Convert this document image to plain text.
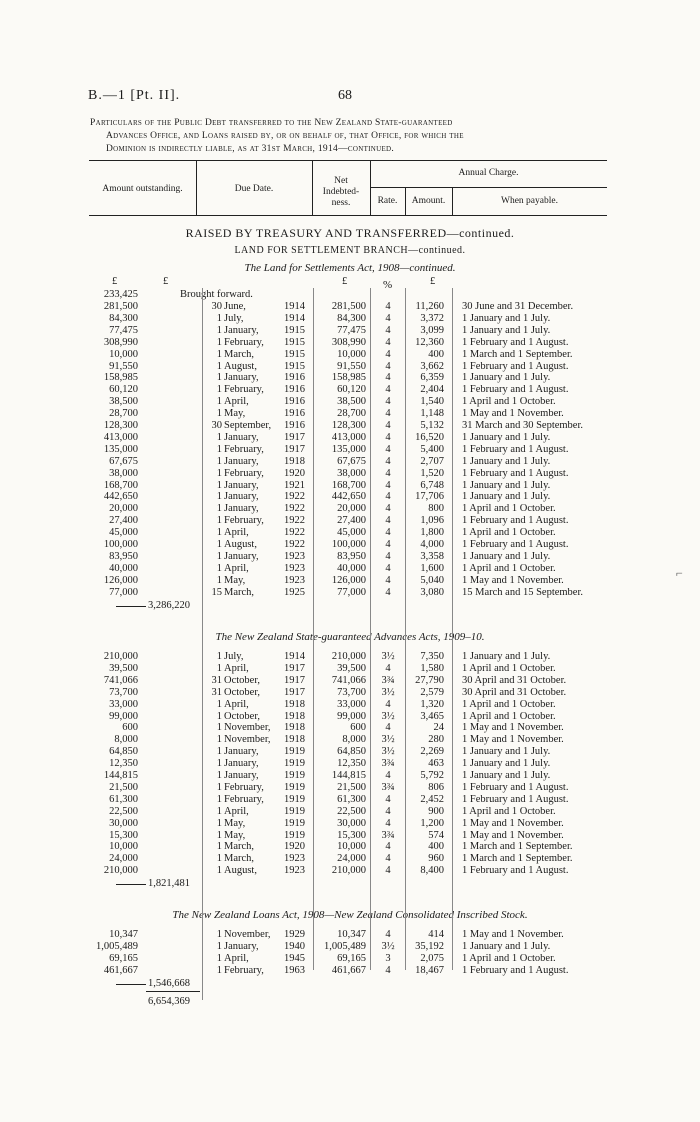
B.—1 [Pt. II].	68
Particulars of the Public Debt transferred to the New Zealand State-guaranteed
Advances Office, and Loans raised by, or on behalf of, that Office, for which the
Dominion is indirectly liable, as at 31st March, 1914—continued.
Amount outstanding.	Due Date.
Net Indebted- ness.
Annual Charge.
Rate.	Amount.	When payable.
RAISED BY TREASURY AND TRANSFERRED—continued.
LAND FOR SETTLEMENT BRANCH—continued.
The Land for Settlements Act, 1908—continued.
£	£	£	%	£
233,425	Brought forward.
281,500	30 June,	1914	281,500	4	11,260 30 June and 31 December.
84,300	1 July,	1914	84,300	4	3,372 1 January and 1 July.
77,475	1 January, 1915	77,475	4	3,099 1 January and 1 July.
308,990	1 February, 1915	308,990	4	12,360 1 February and 1 August.
10,000	1 March,	1915	10,000	4	400 1 March and 1 September.
91,550	1 August,	1915	91,550	4	3,662 1 February and 1 August.
158,985	1 January, 1916	158,985	4	6,359 1 January and 1 July.
60,120	1 February, 1916	60,120	4	2,404 1 February and 1 August.
38,500	1 April,	1916	38,500	4	1,540 1 April and 1 October.
28,700	1 May,	1916	28,700	4	1,148 1 May and 1 November.
128,300	30 September, 1916	128,300	4	5,132 31 March and 30 September.
413,000	1 January, 1917	413,000	4	16,520 1 January and 1 July.
135,000	1 February, 1917	135,000	4	5,400 1 February and 1 August.
67,675	1 January, 1918	67,675	4	2,707 1 January and 1 July.
38,000	1 February, 1920	38,000	4	1,520 1 February and 1 August.
168,700	1 January, 1921	168,700	4	6,748 1 January and 1 July.
442,650	1 January, 1922	442,650	4	17,706 1 January and 1 July.
20,000	1 January, 1922	20,000	4	800 1 April and 1 October.
27,400	1 February, 1922	27,400	4	1,096 1 February and 1 August.
45,000	1 April,	1922	45,000	4	1,800 1 April and 1 October.
100,000	1 August,	1922	100,000	4	4,000 1 February and 1 August.
83,950	1 January, 1923	83,950	4	3,358 1 January and 1 July.
40,000	1 April,	1923	40,000	4	1,600 1 April and 1 October.
126,000	1 May,	1923	126,000	4	5,040 1 May and 1 November.
77,000	15 March,	1925	77,000	4	3,080 15 March and 15 September.
3,286,220
The New Zealand State-guaranteed Advances Acts, 1909–10.
210,000	1 July,	1914	210,000 3½ 7,350 1 January and 1 July.
39,500	1 April,	1917	39,500	4	1,580 1 April and 1 October.
741,066	31 October, 1917	741,066 3¾ 27,790 30 April and 31 October.
73,700	31 October, 1917	73,700 3½ 2,579 30 April and 31 October.
33,000	1 April,	1918	33,000	4	1,320 1 April and 1 October.
99,000	1 October, 1918	99,000 3½ 3,465 1 April and 1 October.
600	1 November, 1918	600	4	24 1 May and 1 November.
8,000	1 November, 1918	8,000 3½	280 1 May and 1 November.
64,850	1 January, 1919	64,850 3½ 2,269 1 January and 1 July.
12,350	1 January, 1919	12,350 3¾	463 1 January and 1 July.
144,815	1 January, 1919	144,815	4	5,792 1 January and 1 July.
21,500	1 February, 1919	21,500 3¾	806 1 February and 1 August.
61,300	1 February, 1919	61,300	4	2,452 1 February and 1 August.
22,500	1 April,	1919	22,500	4	900 1 April and 1 October.
30,000	1 May,	1919	30,000	4	1,200 1 May and 1 November.
15,300	1 May,	1919	15,300 3¾	574 1 May and 1 November.
10,000	1 March,	1920	10,000	4	400 1 March and 1 September.
24,000	1 March,	1923	24,000	4	960 1 March and 1 September.
210,000	1 August,	1923	210,000	4	8,400 1 February and 1 August.
1,821,481
The New Zealand Loans Act, 1908—New Zealand Consolidated Inscribed Stock.
10,347	1 November, 1929	10,347	4	414 1 May and 1 November.
1,005,489	1 January, 1940 1,005,489 3½ 35,192 1 January and 1 July.
69,165	1 April,	1945	69,165	3	2,075 1 April and 1 October.
461,667	1 February, 1963	461,667	4	18,467 1 February and 1 August.
1,546,668
6,654,369
⌐
